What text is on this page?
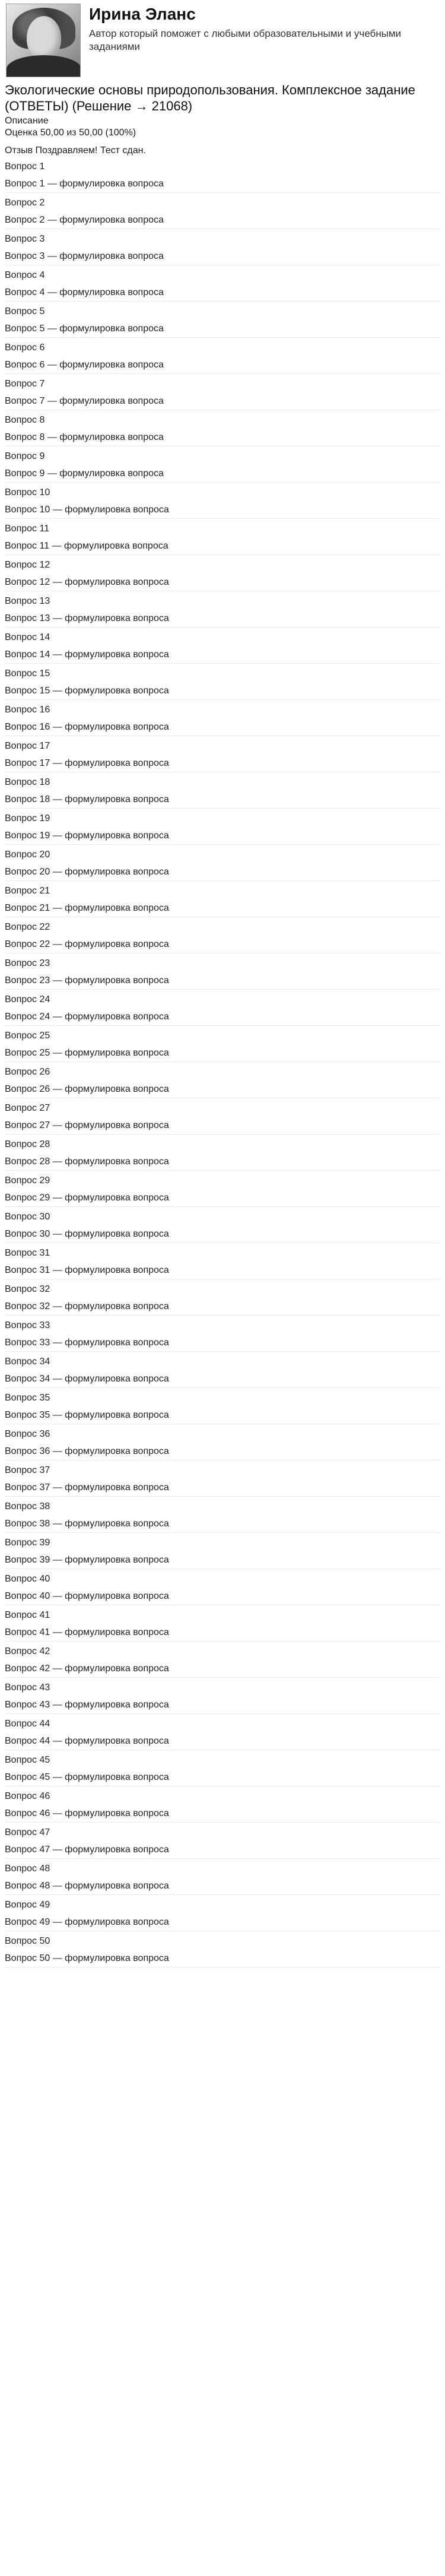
Ирина Эланс
Автор который поможет с любыми образовательными и учебными заданиями
Экологические основы природопользования. Комплексное задание (ОТВЕТЫ) (Решение → 21068)
Описание
Оценка 50,00 из 50,00 (100%)
Отзыв Поздравляем! Тест сдан.
Вопрос 1
Вопрос 1 — формулировка вопроса
Вопрос 2
Вопрос 2 — формулировка вопроса
Вопрос 3
Вопрос 3 — формулировка вопроса
Вопрос 4
Вопрос 4 — формулировка вопроса
Вопрос 5
Вопрос 5 — формулировка вопроса
Вопрос 6
Вопрос 6 — формулировка вопроса
Вопрос 7
Вопрос 7 — формулировка вопроса
Вопрос 8
Вопрос 8 — формулировка вопроса
Вопрос 9
Вопрос 9 — формулировка вопроса
Вопрос 10
Вопрос 10 — формулировка вопроса
Вопрос 11
Вопрос 11 — формулировка вопроса
Вопрос 12
Вопрос 12 — формулировка вопроса
Вопрос 13
Вопрос 13 — формулировка вопроса
Вопрос 14
Вопрос 14 — формулировка вопроса
Вопрос 15
Вопрос 15 — формулировка вопроса
Вопрос 16
Вопрос 16 — формулировка вопроса
Вопрос 17
Вопрос 17 — формулировка вопроса
Вопрос 18
Вопрос 18 — формулировка вопроса
Вопрос 19
Вопрос 19 — формулировка вопроса
Вопрос 20
Вопрос 20 — формулировка вопроса
Вопрос 21
Вопрос 21 — формулировка вопроса
Вопрос 22
Вопрос 22 — формулировка вопроса
Вопрос 23
Вопрос 23 — формулировка вопроса
Вопрос 24
Вопрос 24 — формулировка вопроса
Вопрос 25
Вопрос 25 — формулировка вопроса
Вопрос 26
Вопрос 26 — формулировка вопроса
Вопрос 27
Вопрос 27 — формулировка вопроса
Вопрос 28
Вопрос 28 — формулировка вопроса
Вопрос 29
Вопрос 29 — формулировка вопроса
Вопрос 30
Вопрос 30 — формулировка вопроса
Вопрос 31
Вопрос 31 — формулировка вопроса
Вопрос 32
Вопрос 32 — формулировка вопроса
Вопрос 33
Вопрос 33 — формулировка вопроса
Вопрос 34
Вопрос 34 — формулировка вопроса
Вопрос 35
Вопрос 35 — формулировка вопроса
Вопрос 36
Вопрос 36 — формулировка вопроса
Вопрос 37
Вопрос 37 — формулировка вопроса
Вопрос 38
Вопрос 38 — формулировка вопроса
Вопрос 39
Вопрос 39 — формулировка вопроса
Вопрос 40
Вопрос 40 — формулировка вопроса
Вопрос 41
Вопрос 41 — формулировка вопроса
Вопрос 42
Вопрос 42 — формулировка вопроса
Вопрос 43
Вопрос 43 — формулировка вопроса
Вопрос 44
Вопрос 44 — формулировка вопроса
Вопрос 45
Вопрос 45 — формулировка вопроса
Вопрос 46
Вопрос 46 — формулировка вопроса
Вопрос 47
Вопрос 47 — формулировка вопроса
Вопрос 48
Вопрос 48 — формулировка вопроса
Вопрос 49
Вопрос 49 — формулировка вопроса
Вопрос 50
Вопрос 50 — формулировка вопроса
